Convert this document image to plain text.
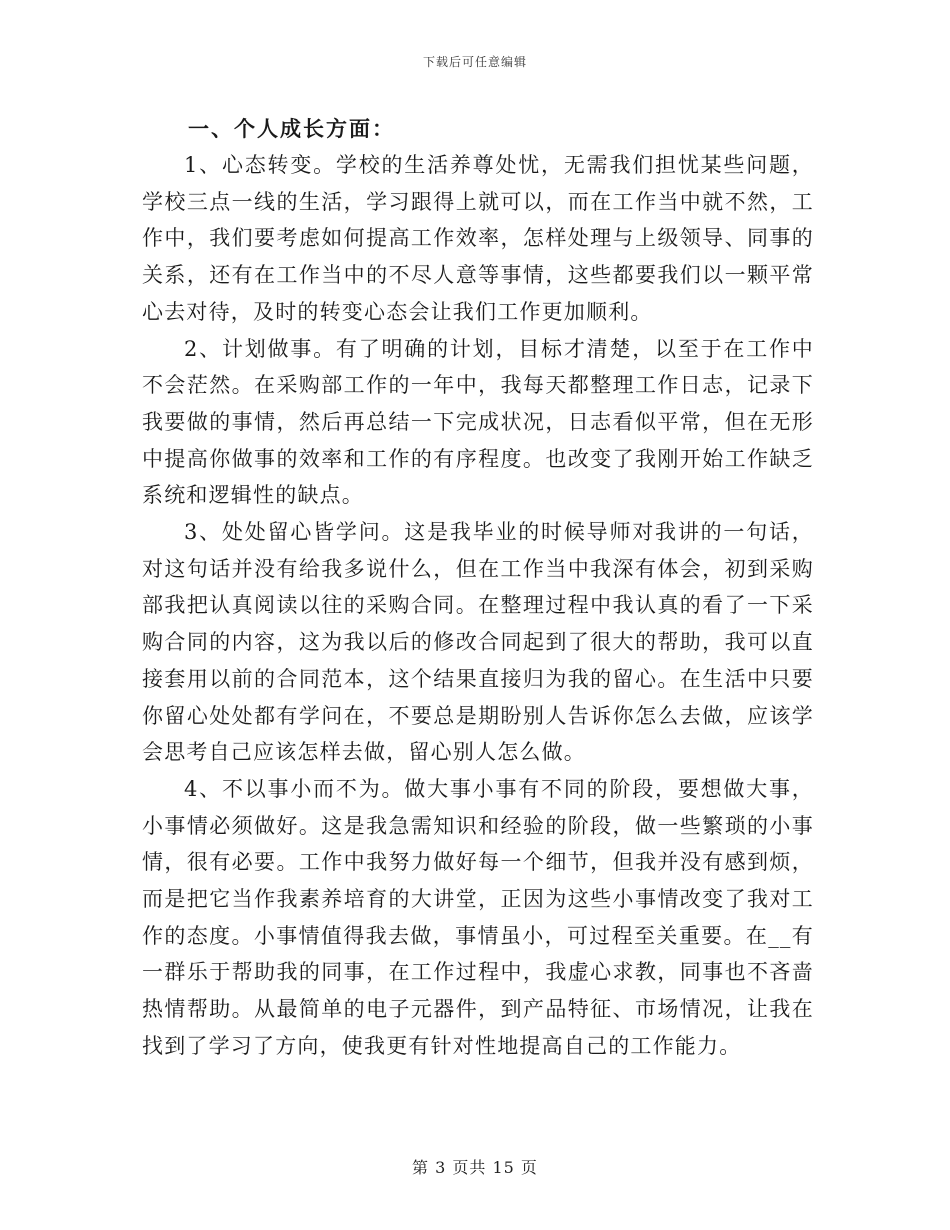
下载后可任意编辑
一、个人成长方面：

1、心态转变。学校的生活养尊处忧，无需我们担忧某些问题，学校三点一线的生活，学习跟得上就可以，而在工作当中就不然，工作中，我们要考虑如何提高工作效率，怎样处理与上级领导、同事的关系，还有在工作当中的不尽人意等事情，这些都要我们以一颗平常心去对待，及时的转变心态会让我们工作更加顺利。

2、计划做事。有了明确的计划，目标才清楚，以至于在工作中不会茫然。在采购部工作的一年中，我每天都整理工作日志，记录下我要做的事情，然后再总结一下完成状况，日志看似平常，但在无形中提高你做事的效率和工作的有序程度。也改变了我刚开始工作缺乏系统和逻辑性的缺点。

3、处处留心皆学问。这是我毕业的时候导师对我讲的一句话，对这句话并没有给我多说什么，但在工作当中我深有体会，初到采购部我把认真阅读以往的采购合同。在整理过程中我认真的看了一下采购合同的内容，这为我以后的修改合同起到了很大的帮助，我可以直接套用以前的合同范本，这个结果直接归为我的留心。在生活中只要你留心处处都有学问在，不要总是期盼别人告诉你怎么去做，应该学会思考自己应该怎样去做，留心别人怎么做。

4、不以事小而不为。做大事小事有不同的阶段，要想做大事，小事情必须做好。这是我急需知识和经验的阶段，做一些繁琐的小事情，很有必要。工作中我努力做好每一个细节，但我并没有感到烦，而是把它当作我素养培育的大讲堂，正因为这些小事情改变了我对工作的态度。小事情值得我去做，事情虽小，可过程至关重要。在__有一群乐于帮助我的同事，在工作过程中，我虚心求教，同事也不吝啬热情帮助。从最简单的电子元器件，到产品特征、市场情况，让我在找到了学习了方向，使我更有针对性地提高自己的工作能力。

第 3 页共 15 页
